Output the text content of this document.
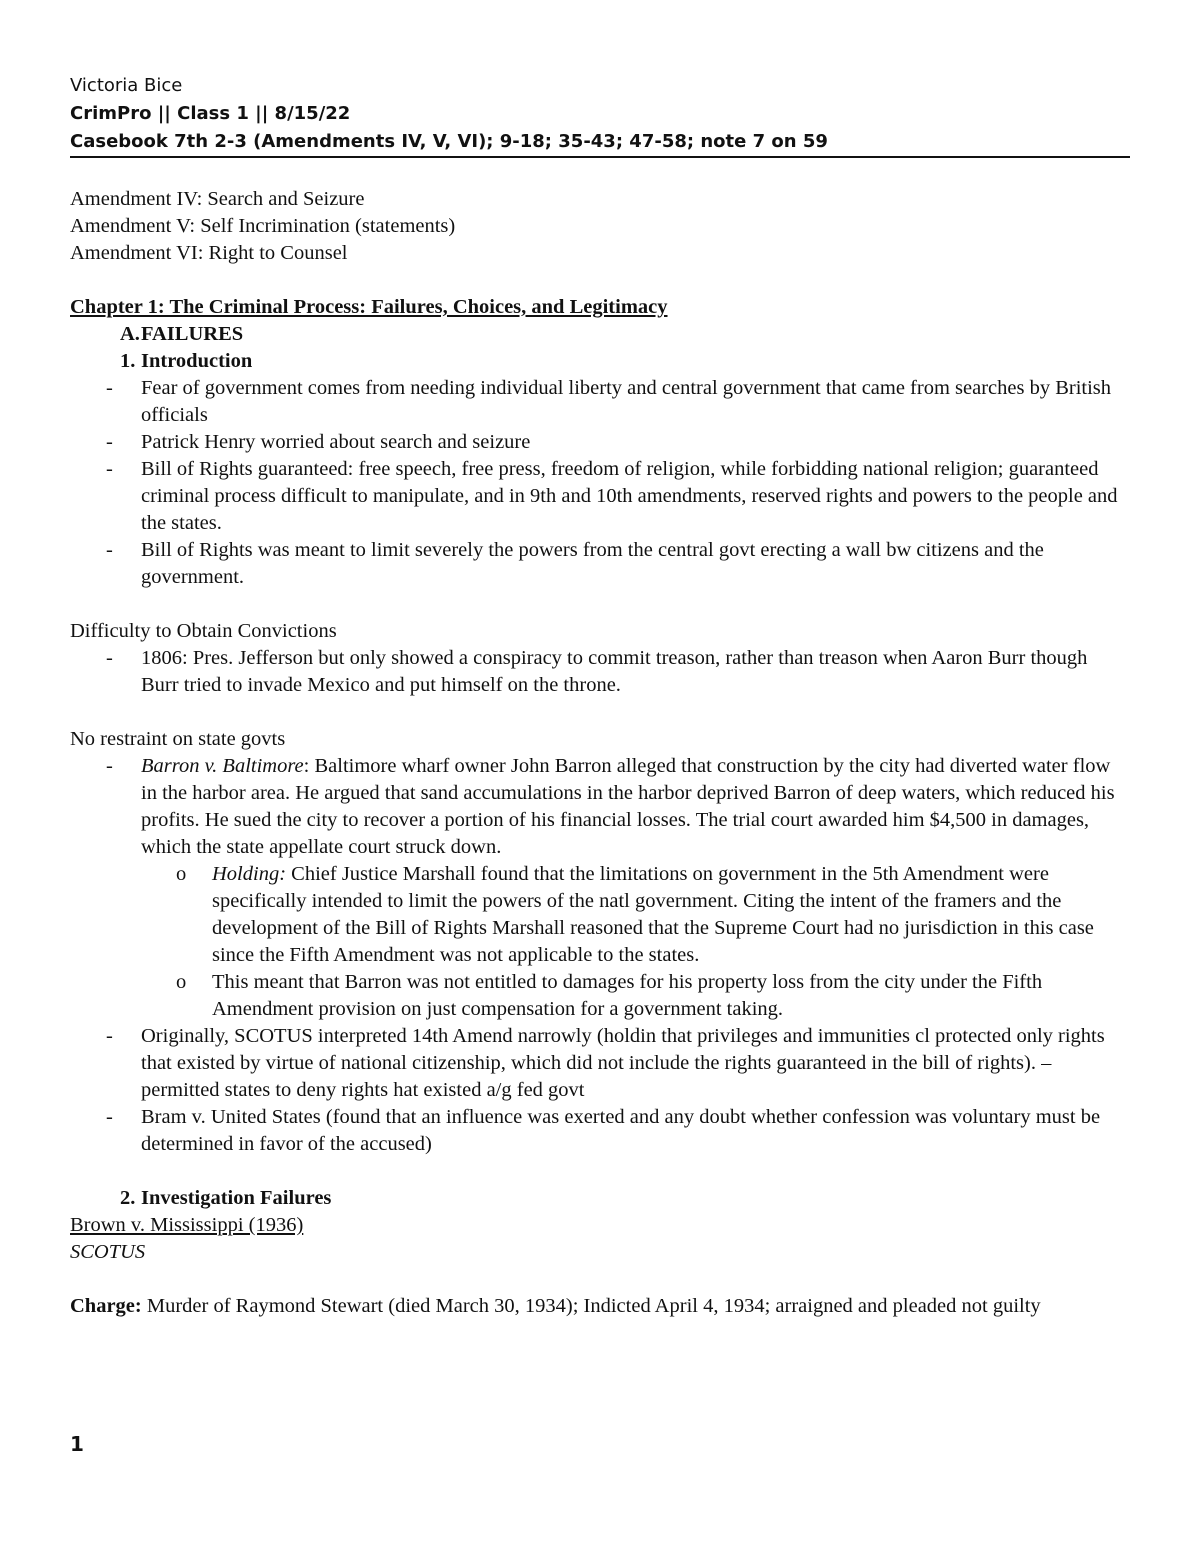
Victoria Bice
CrimPro || Class 1 || 8/15/22
Casebook 7th 2-3 (Amendments IV, V, VI); 9-18; 35-43; 47-58; note 7 on 59

Amendment IV: Search and Seizure

Amendment V: Self Incrimination (statements)

Amendment VI: Right to Counsel

Chapter 1: The Criminal Process: Failures, Choices, and Legitimacy

A. FAILURES
1. Introduction
- Fear of government comes from needing individual liberty and central government that came from searches by British officials
- Patrick Henry worried about search and seizure
- Bill of Rights guaranteed: free speech, free press, freedom of religion, while forbidding national religion; guaranteed criminal process difficult to manipulate, and in 9th and 10th amendments, reserved rights and powers to the people and the states.
- Bill of Rights was meant to limit severely the powers from the central govt erecting a wall bw citizens and the government.

Difficulty to Obtain Convictions

- 1806: Pres. Jefferson but only showed a conspiracy to commit treason, rather than treason when Aaron Burr though Burr tried to invade Mexico and put himself on the throne.

No restraint on state govts

- Barron v. Baltimore: Baltimore wharf owner John Barron alleged that construction by the city had diverted water flow in the harbor area. He argued that sand accumulations in the harbor deprived Barron of deep waters, which reduced his profits. He sued the city to recover a portion of his financial losses. The trial court awarded him $4,500 in damages, which the state appellate court struck down.
o Holding: Chief Justice Marshall found that the limitations on government in the 5th Amendment were specifically intended to limit the powers of the natl government. Citing the intent of the framers and the development of the Bill of Rights Marshall reasoned that the Supreme Court had no jurisdiction in this case since the Fifth Amendment was not applicable to the states.
o This meant that Barron was not entitled to damages for his property loss from the city under the Fifth Amendment provision on just compensation for a government taking.
- Originally, SCOTUS interpreted 14th Amend narrowly (holdin that privileges and immunities cl protected only rights that existed by virtue of national citizenship, which did not include the rights guaranteed in the bill of rights). – permitted states to deny rights hat existed a/g fed govt
- Bram v. United States (found that an influence was exerted and any doubt whether confession was voluntary must be determined in favor of the accused)
2. Investigation Failures

Brown v. Mississippi (1936)

SCOTUS

Charge: Murder of Raymond Stewart (died March 30, 1934); Indicted April 4, 1934; arraigned and pleaded not guilty

1
